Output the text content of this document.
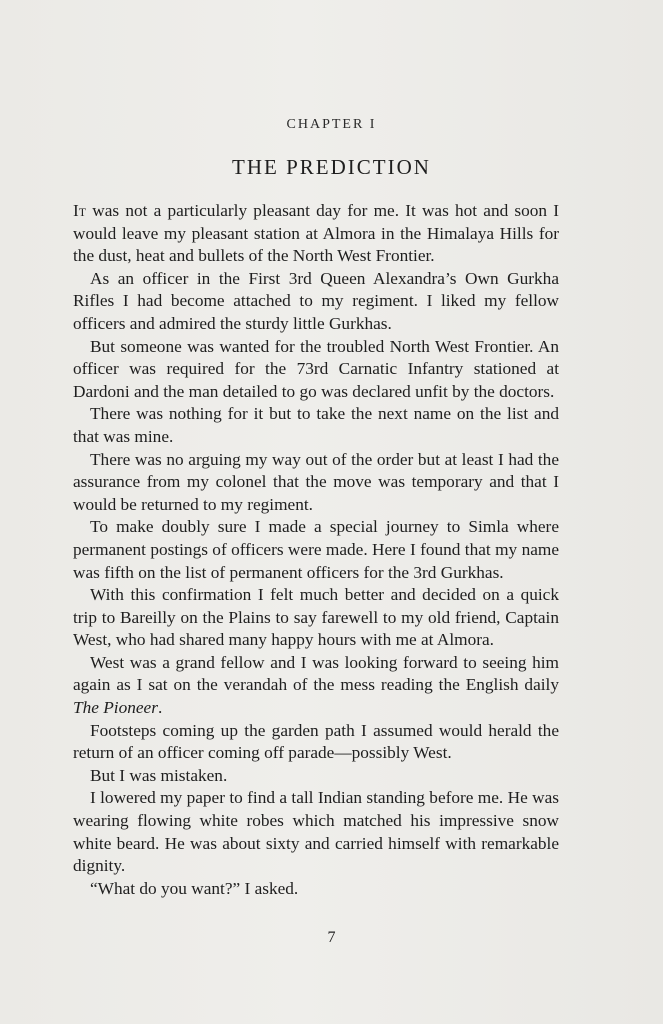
CHAPTER I
THE PREDICTION

It was not a particularly pleasant day for me. It was hot and soon I would leave my pleasant station at Almora in the Himalaya Hills for the dust, heat and bullets of the North West Frontier.

As an officer in the First 3rd Queen Alexandra’s Own Gurkha Rifles I had become attached to my regiment. I liked my fellow officers and admired the sturdy little Gurkhas.

But someone was wanted for the troubled North West Frontier. An officer was required for the 73rd Carnatic Infantry stationed at Dardoni and the man detailed to go was declared unfit by the doctors.

There was nothing for it but to take the next name on the list and that was mine.

There was no arguing my way out of the order but at least I had the assurance from my colonel that the move was temporary and that I would be returned to my regiment.

To make doubly sure I made a special journey to Simla where permanent postings of officers were made. Here I found that my name was fifth on the list of permanent officers for the 3rd Gurkhas.

With this confirmation I felt much better and decided on a quick trip to Bareilly on the Plains to say farewell to my old friend, Captain West, who had shared many happy hours with me at Almora.

West was a grand fellow and I was looking forward to seeing him again as I sat on the verandah of the mess reading the English daily The Pioneer.

Footsteps coming up the garden path I assumed would herald the return of an officer coming off parade—possibly West.

But I was mistaken.

I lowered my paper to find a tall Indian standing before me. He was wearing flowing white robes which matched his impressive snow white beard. He was about sixty and carried himself with remarkable dignity.

“What do you want?” I asked.

7
